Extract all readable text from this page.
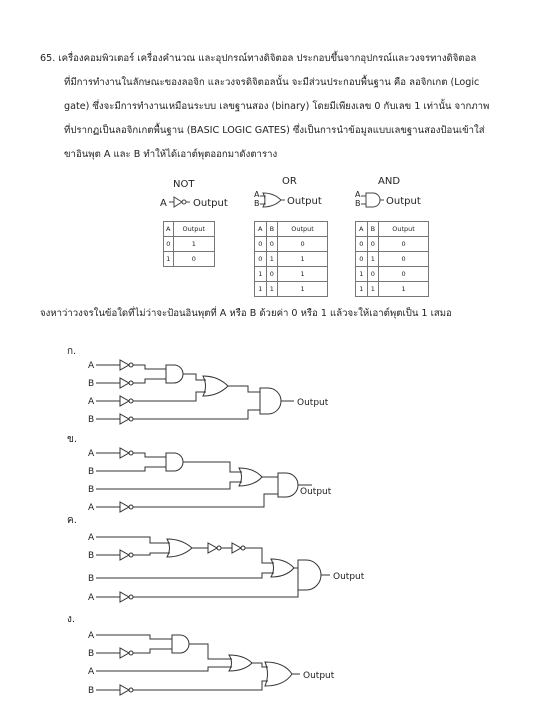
65. เครื่องคอมพิวเตอร์ เครื่องคำนวณ และอุปกรณ์ทางดิจิตอล ประกอบขึ้นจากอุปกรณ์และวงจรทางดิจิตอล
ที่มีการทำงานในลักษณะของลอจิก และวงจรดิจิตอลนั้น จะมีส่วนประกอบพื้นฐาน คือ ลอจิกเกต (Logic
gate) ซึ่งจะมีการทำงานเหมือนระบบ เลขฐานสอง (binary) โดยมีเพียงเลข 0 กับเลข 1 เท่านั้น จากภาพ
ที่ปรากฏเป็นลอจิกเกตพื้นฐาน (BASIC LOGIC GATES) ซึ่งเป็นการนำข้อมูลแบบเลขฐานสองป้อนเข้าใส่
ขาอินพุต A และ B ทำให้ได้เอาต์พุตออกมาดังตาราง
NOT	OR	AND
A	Output
A
B	Output
A
B	Output
A	Output
0	1
1	0
A	B	Output
0	0	0
0	1	1
1	0	1
1	1	1
A	B	Output
0	0	0
0	1	0
1	0	0
1	1	1
จงหาว่าวงจรในข้อใดที่ไม่ว่าจะป้อนอินพุตที่ A หรือ B ด้วยค่า 0 หรือ 1 แล้วจะให้เอาต์พุตเป็น 1 เสมอ
ก.
A
B
A
B
Output
ข.
A
B
B
A
Output
ค.
A
B
B
A
Output
ง.
A
B
A
B
Output
